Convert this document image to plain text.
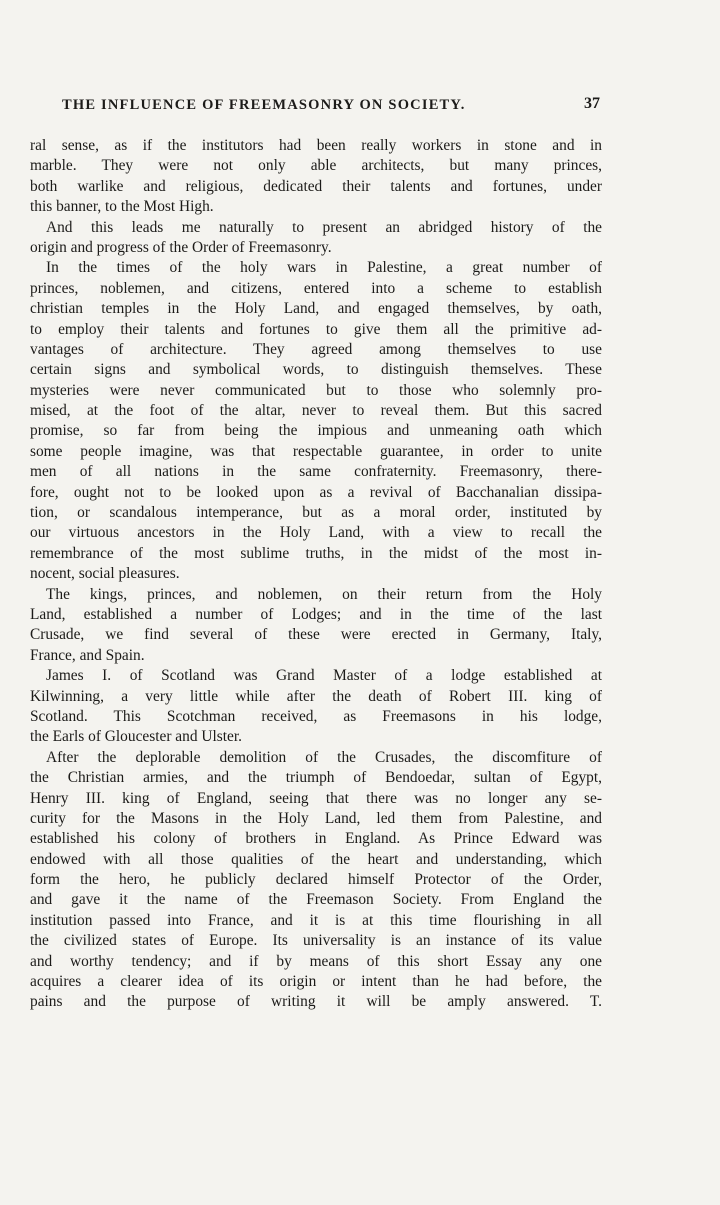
THE INFLUENCE OF FREEMASONRY ON SOCIETY.	37
ral sense, as if the institutors had been really workers in stone and in
marble. They were not only able architects, but many princes,
both warlike and religious, dedicated their talents and fortunes, under
this banner, to the Most High.
And this leads me naturally to present an abridged history of the
origin and progress of the Order of Freemasonry.
In the times of the holy wars in Palestine, a great number of
princes, noblemen, and citizens, entered into a scheme to establish
christian temples in the Holy Land, and engaged themselves, by oath,
to employ their talents and fortunes to give them all the primitive ad-
vantages of architecture. They agreed among themselves to use
certain signs and symbolical words, to distinguish themselves. These
mysteries were never communicated but to those who solemnly pro-
mised, at the foot of the altar, never to reveal them. But this sacred
promise, so far from being the impious and unmeaning oath which
some people imagine, was that respectable guarantee, in order to unite
men of all nations in the same confraternity. Freemasonry, there-
fore, ought not to be looked upon as a revival of Bacchanalian dissipa-
tion, or scandalous intemperance, but as a moral order, instituted by
our virtuous ancestors in the Holy Land, with a view to recall the
remembrance of the most sublime truths, in the midst of the most in-
nocent, social pleasures.
The kings, princes, and noblemen, on their return from the Holy
Land, established a number of Lodges; and in the time of the last
Crusade, we find several of these were erected in Germany, Italy,
France, and Spain.
James I. of Scotland was Grand Master of a lodge established at
Kilwinning, a very little while after the death of Robert III. king of
Scotland. This Scotchman received, as Freemasons in his lodge,
the Earls of Gloucester and Ulster.
After the deplorable demolition of the Crusades, the discomfiture of
the Christian armies, and the triumph of Bendoedar, sultan of Egypt,
Henry III. king of England, seeing that there was no longer any se-
curity for the Masons in the Holy Land, led them from Palestine, and
established his colony of brothers in England. As Prince Edward was
endowed with all those qualities of the heart and understanding, which
form the hero, he publicly declared himself Protector of the Order,
and gave it the name of the Freemason Society. From England the
institution passed into France, and it is at this time flourishing in all
the civilized states of Europe. Its universality is an instance of its value
and worthy tendency; and if by means of this short Essay any one
acquires a clearer idea of its origin or intent than he had before, the
pains and the purpose of writing it will be amply answered. T.
